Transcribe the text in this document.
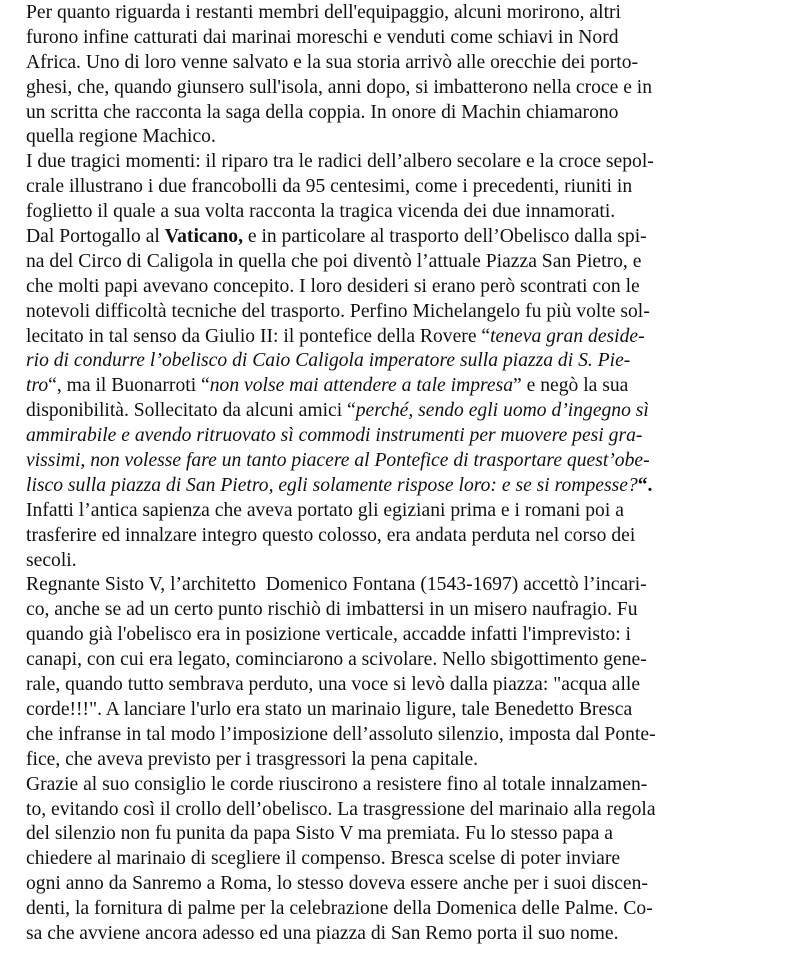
Per quanto riguarda i restanti membri dell'equipaggio, alcuni morirono, altri
furono infine catturati dai marinai moreschi e venduti come schiavi in Nord
Africa. Uno di loro venne salvato e la sua storia arrivò alle orecchie dei porto-
ghesi, che, quando giunsero sull'isola, anni dopo, si imbatterono nella croce e in
un scritta che racconta la saga della coppia. In onore di Machin chiamarono
quella regione Machico.
I due tragici momenti: il riparo tra le radici dell’albero secolare e la croce sepol-
crale illustrano i due francobolli da 95 centesimi, come i precedenti, riuniti in
foglietto il quale a sua volta racconta la tragica vicenda dei due innamorati.
Dal Portogallo al Vaticano, e in particolare al trasporto dell’Obelisco dalla spi-
na del Circo di Caligola in quella che poi diventò l’attuale Piazza San Pietro, e
che molti papi avevano concepito. I loro desideri si erano però scontrati con le
notevoli difficoltà tecniche del trasporto. Perfino Michelangelo fu più volte sol-
lecitato in tal senso da Giulio II: il pontefice della Rovere “teneva gran deside-
rio di condurre l’obelisco di Caio Caligola imperatore sulla piazza di S. Pie-
tro“, ma il Buonarroti “non volse mai attendere a tale impresa” e negò la sua
disponibilità. Sollecitato da alcuni amici “perché, sendo egli uomo d’ingegno sì
ammirabile e avendo ritruovato sì commodi instrumenti per muovere pesi gra-
vissimi, non volesse fare un tanto piacere al Pontefice di trasportare quest’obe-
lisco sulla piazza di San Pietro, egli solamente rispose loro: e se si rompesse?“.
Infatti l’antica sapienza che aveva portato gli egiziani prima e i romani poi a
trasferire ed innalzare integro questo colosso, era andata perduta nel corso dei
secoli.
Regnante Sisto V, l’architetto  Domenico Fontana (1543-1697) accettò l’incari-
co, anche se ad un certo punto rischiò di imbattersi in un misero naufragio. Fu
quando già l'obelisco era in posizione verticale, accadde infatti l'imprevisto: i
canapi, con cui era legato, cominciarono a scivolare. Nello sbigottimento gene-
rale, quando tutto sembrava perduto, una voce si levò dalla piazza: "acqua alle
corde!!!". A lanciare l'urlo era stato un marinaio ligure, tale Benedetto Bresca
che infranse in tal modo l’imposizione dell’assoluto silenzio, imposta dal Ponte-
fice, che aveva previsto per i trasgressori la pena capitale.
Grazie al suo consiglio le corde riuscirono a resistere fino al totale innalzamen-
to, evitando così il crollo dell’obelisco. La trasgressione del marinaio alla regola
del silenzio non fu punita da papa Sisto V ma premiata. Fu lo stesso papa a
chiedere al marinaio di scegliere il compenso. Bresca scelse di poter inviare
ogni anno da Sanremo a Roma, lo stesso doveva essere anche per i suoi discen-
denti, la fornitura di palme per la celebrazione della Domenica delle Palme. Co-
sa che avviene ancora adesso ed una piazza di San Remo porta il suo nome.
